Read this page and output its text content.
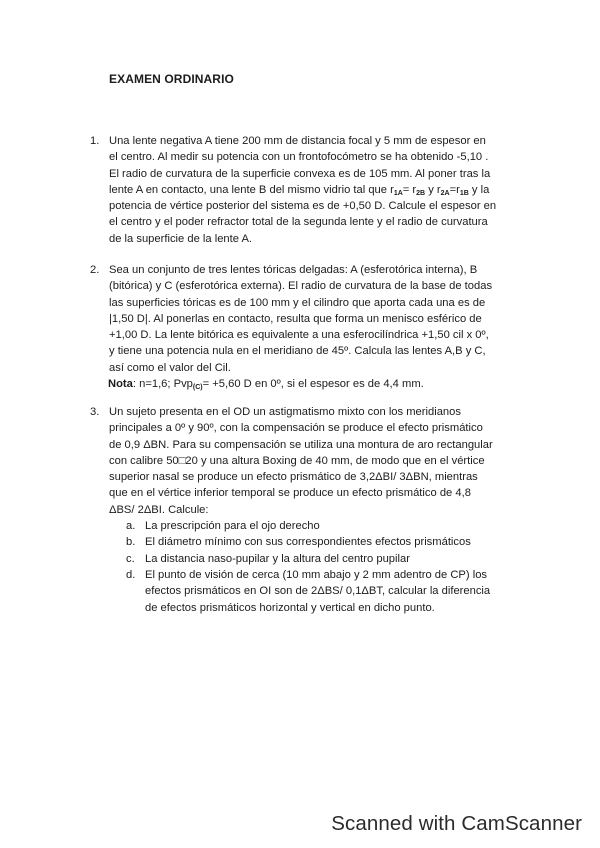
EXAMEN ORDINARIO
1. Una lente negativa A tiene 200 mm de distancia focal y 5 mm de espesor en
el centro. Al medir su potencia con un frontofocómetro se ha obtenido -5,10 .
El radio de curvatura de la superficie convexa es de 105 mm. Al poner tras la
lente A en contacto, una lente B del mismo vidrio tal que $r_{1A}= r_{2B}$ y $r_{2A}=r_{1B}$ y la
potencia de vértice posterior del sistema es de +0,50 D. Calcule el espesor en
el centro y el poder refractor total de la segunda lente y el radio de curvatura
de la superficie de la lente A.
2. Sea un conjunto de tres lentes tóricas delgadas: A (esferotórica interna), B
(bitórica) y C (esferotórica externa). El radio de curvatura de la base de todas
las superficies tóricas es de 100 mm y el cilindro que aporta cada una es de
|1,50 D|. Al ponerlas en contacto, resulta que forma un menisco esférico de
+1,00 D. La lente bitórica es equivalente a una esferocilíndrica +1,50 cil x 0º,
y tiene una potencia nula en el meridiano de 45º. Calcula las lentes A,B y C,
así como el valor del Cil.
Nota: n=1,6; Pvp$_{(C)}$= +5,60 D en 0º, si el espesor es de 4,4 mm.
3. Un sujeto presenta en el OD un astigmatismo mixto con los meridianos
principales a 0º y 90º, con la compensación se produce el efecto prismático
de 0,9 ΔBN. Para su compensación se utiliza una montura de aro rectangular
con calibre 50□20 y una altura Boxing de 40 mm, de modo que en el vértice
superior nasal se produce un efecto prismático de 3,2ΔBI/ 3ΔBN, mientras
que en el vértice inferior temporal se produce un efecto prismático de 4,8
ΔBS/ 2ΔBI. Calcule:
a. La prescripción para el ojo derecho
b. El diámetro mínimo con sus correspondientes efectos prismáticos
c. La distancia naso-pupilar y la altura del centro pupilar
d. El punto de visión de cerca (10 mm abajo y 2 mm adentro de CP) los
efectos prismáticos en OI son de 2ΔBS/ 0,1ΔBT, calcular la diferencia
de efectos prismáticos horizontal y vertical en dicho punto.
Scanned with CamScanner
